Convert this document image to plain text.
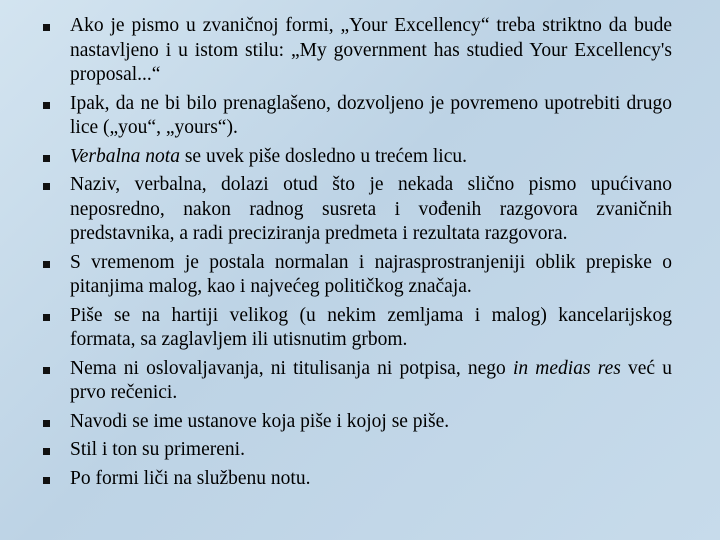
Ako je pismo u zvaničnoj formi, „Your Excellency“ treba striktno da bude nastavljeno i u istom stilu: „My government has studied Your Excellency's proposal...“
Ipak, da ne bi bilo prenaglašeno, dozvoljeno je povremeno upotrebiti drugo lice („you“, „yours“).
Verbalna nota se uvek piše dosledno u trećem licu.
Naziv, verbalna, dolazi otud što je nekada slično pismo upućivano neposredno, nakon radnog susreta i vođenih razgovora zvaničnih predstavnika, a radi preciziranja predmeta i rezultata razgovora.
S vremenom je postala normalan i najrasprostranjeniji oblik prepiske o pitanjima malog, kao i najvećeg političkog značaja.
Piše se na hartiji velikog (u nekim zemljama i malog) kancelarijskog formata, sa zaglavljem ili utisnutim grbom.
Nema ni oslovaljavanja, ni titulisanja ni potpisa, nego in medias res već u prvo rečenici.
Navodi se ime ustanove koja piše i kojoj se piše.
Stil i ton su primereni.
Po formi liči na službenu notu.
